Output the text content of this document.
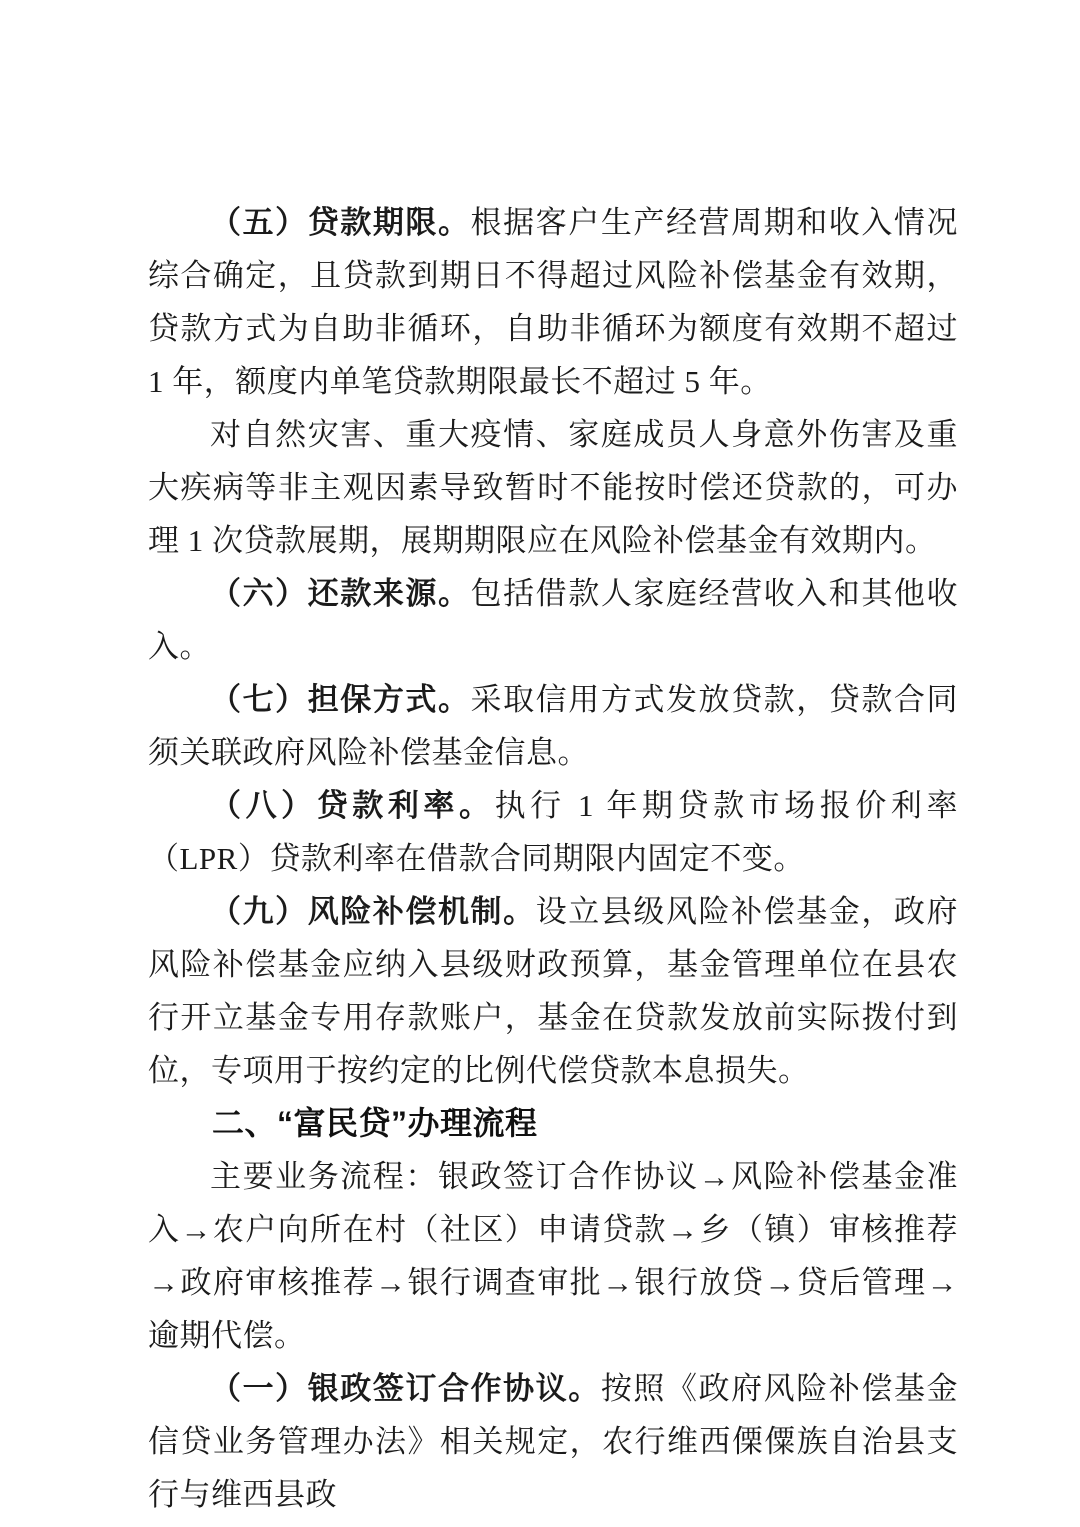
（五）贷款期限。根据客户生产经营周期和收入情况综合确定，且贷款到期日不得超过风险补偿基金有效期，贷款方式为自助非循环，自助非循环为额度有效期不超过 1 年，额度内单笔贷款期限最长不超过 5 年。

对自然灾害、重大疫情、家庭成员人身意外伤害及重大疾病等非主观因素导致暂时不能按时偿还贷款的，可办理 1 次贷款展期，展期期限应在风险补偿基金有效期内。

（六）还款来源。包括借款人家庭经营收入和其他收入。

（七）担保方式。采取信用方式发放贷款，贷款合同须关联政府风险补偿基金信息。

（八）贷款利率。执行 1 年期贷款市场报价利率（LPR）贷款利率在借款合同期限内固定不变。

（九）风险补偿机制。设立县级风险补偿基金，政府风险补偿基金应纳入县级财政预算，基金管理单位在县农行开立基金专用存款账户，基金在贷款发放前实际拨付到位，专项用于按约定的比例代偿贷款本息损失。

二、“富民贷”办理流程

主要业务流程：银政签订合作协议→风险补偿基金准入→农户向所在村（社区）申请贷款→乡（镇）审核推荐→政府审核推荐→银行调查审批→银行放贷→贷后管理→逾期代偿。

（一）银政签订合作协议。按照《政府风险补偿基金信贷业务管理办法》相关规定，农行维西傈僳族自治县支行与维西县政
